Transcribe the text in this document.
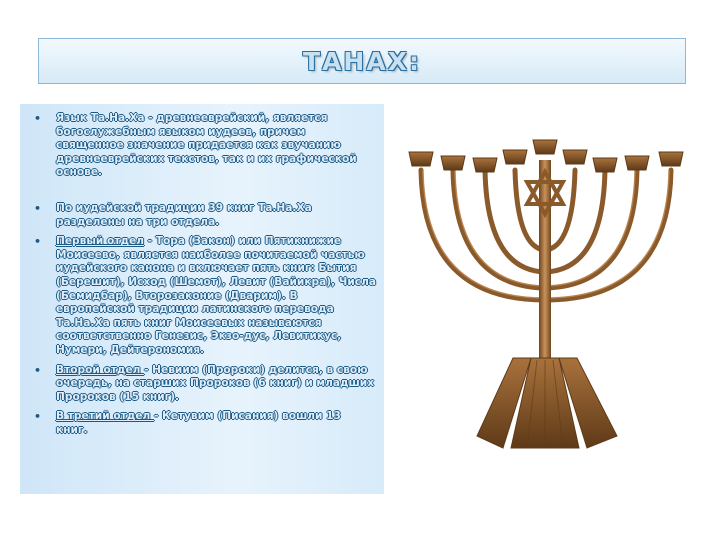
ТАНАХ:
• Язык Та.На.Ха - древнееврейский, является богослужебным языком иудеев, причем священное значение придается как звучанию древнееврейских текстов, так и их графической основе.
• По иудейской традиции 39 книг Та.На.Ха разделены на три отдела.
• Первый отдел - Тора (Закон) или Пятикнижие Моисеево, является наиболее почитаемой частью иудейского канона и включает пять книг: Бытия (Берешит), Исход (Шемот), Левит (Вайикра), Числа (Бемидбар), Второзаконие (Дварим). В европейской традиции латинского перевода Та.На.Ха пять книг Моисеевых называются соответственно Генезис, Экзо-дус, Левитикус, Нумери, Дейтерономия.
• Второй отдел - Невиим (Пророки) делится, в свою очередь, на старших Пророков (6 книг) и младших Пророков (15 книг).
• В третий отдел - Кетувим (Писания) вошли 13 книг.
